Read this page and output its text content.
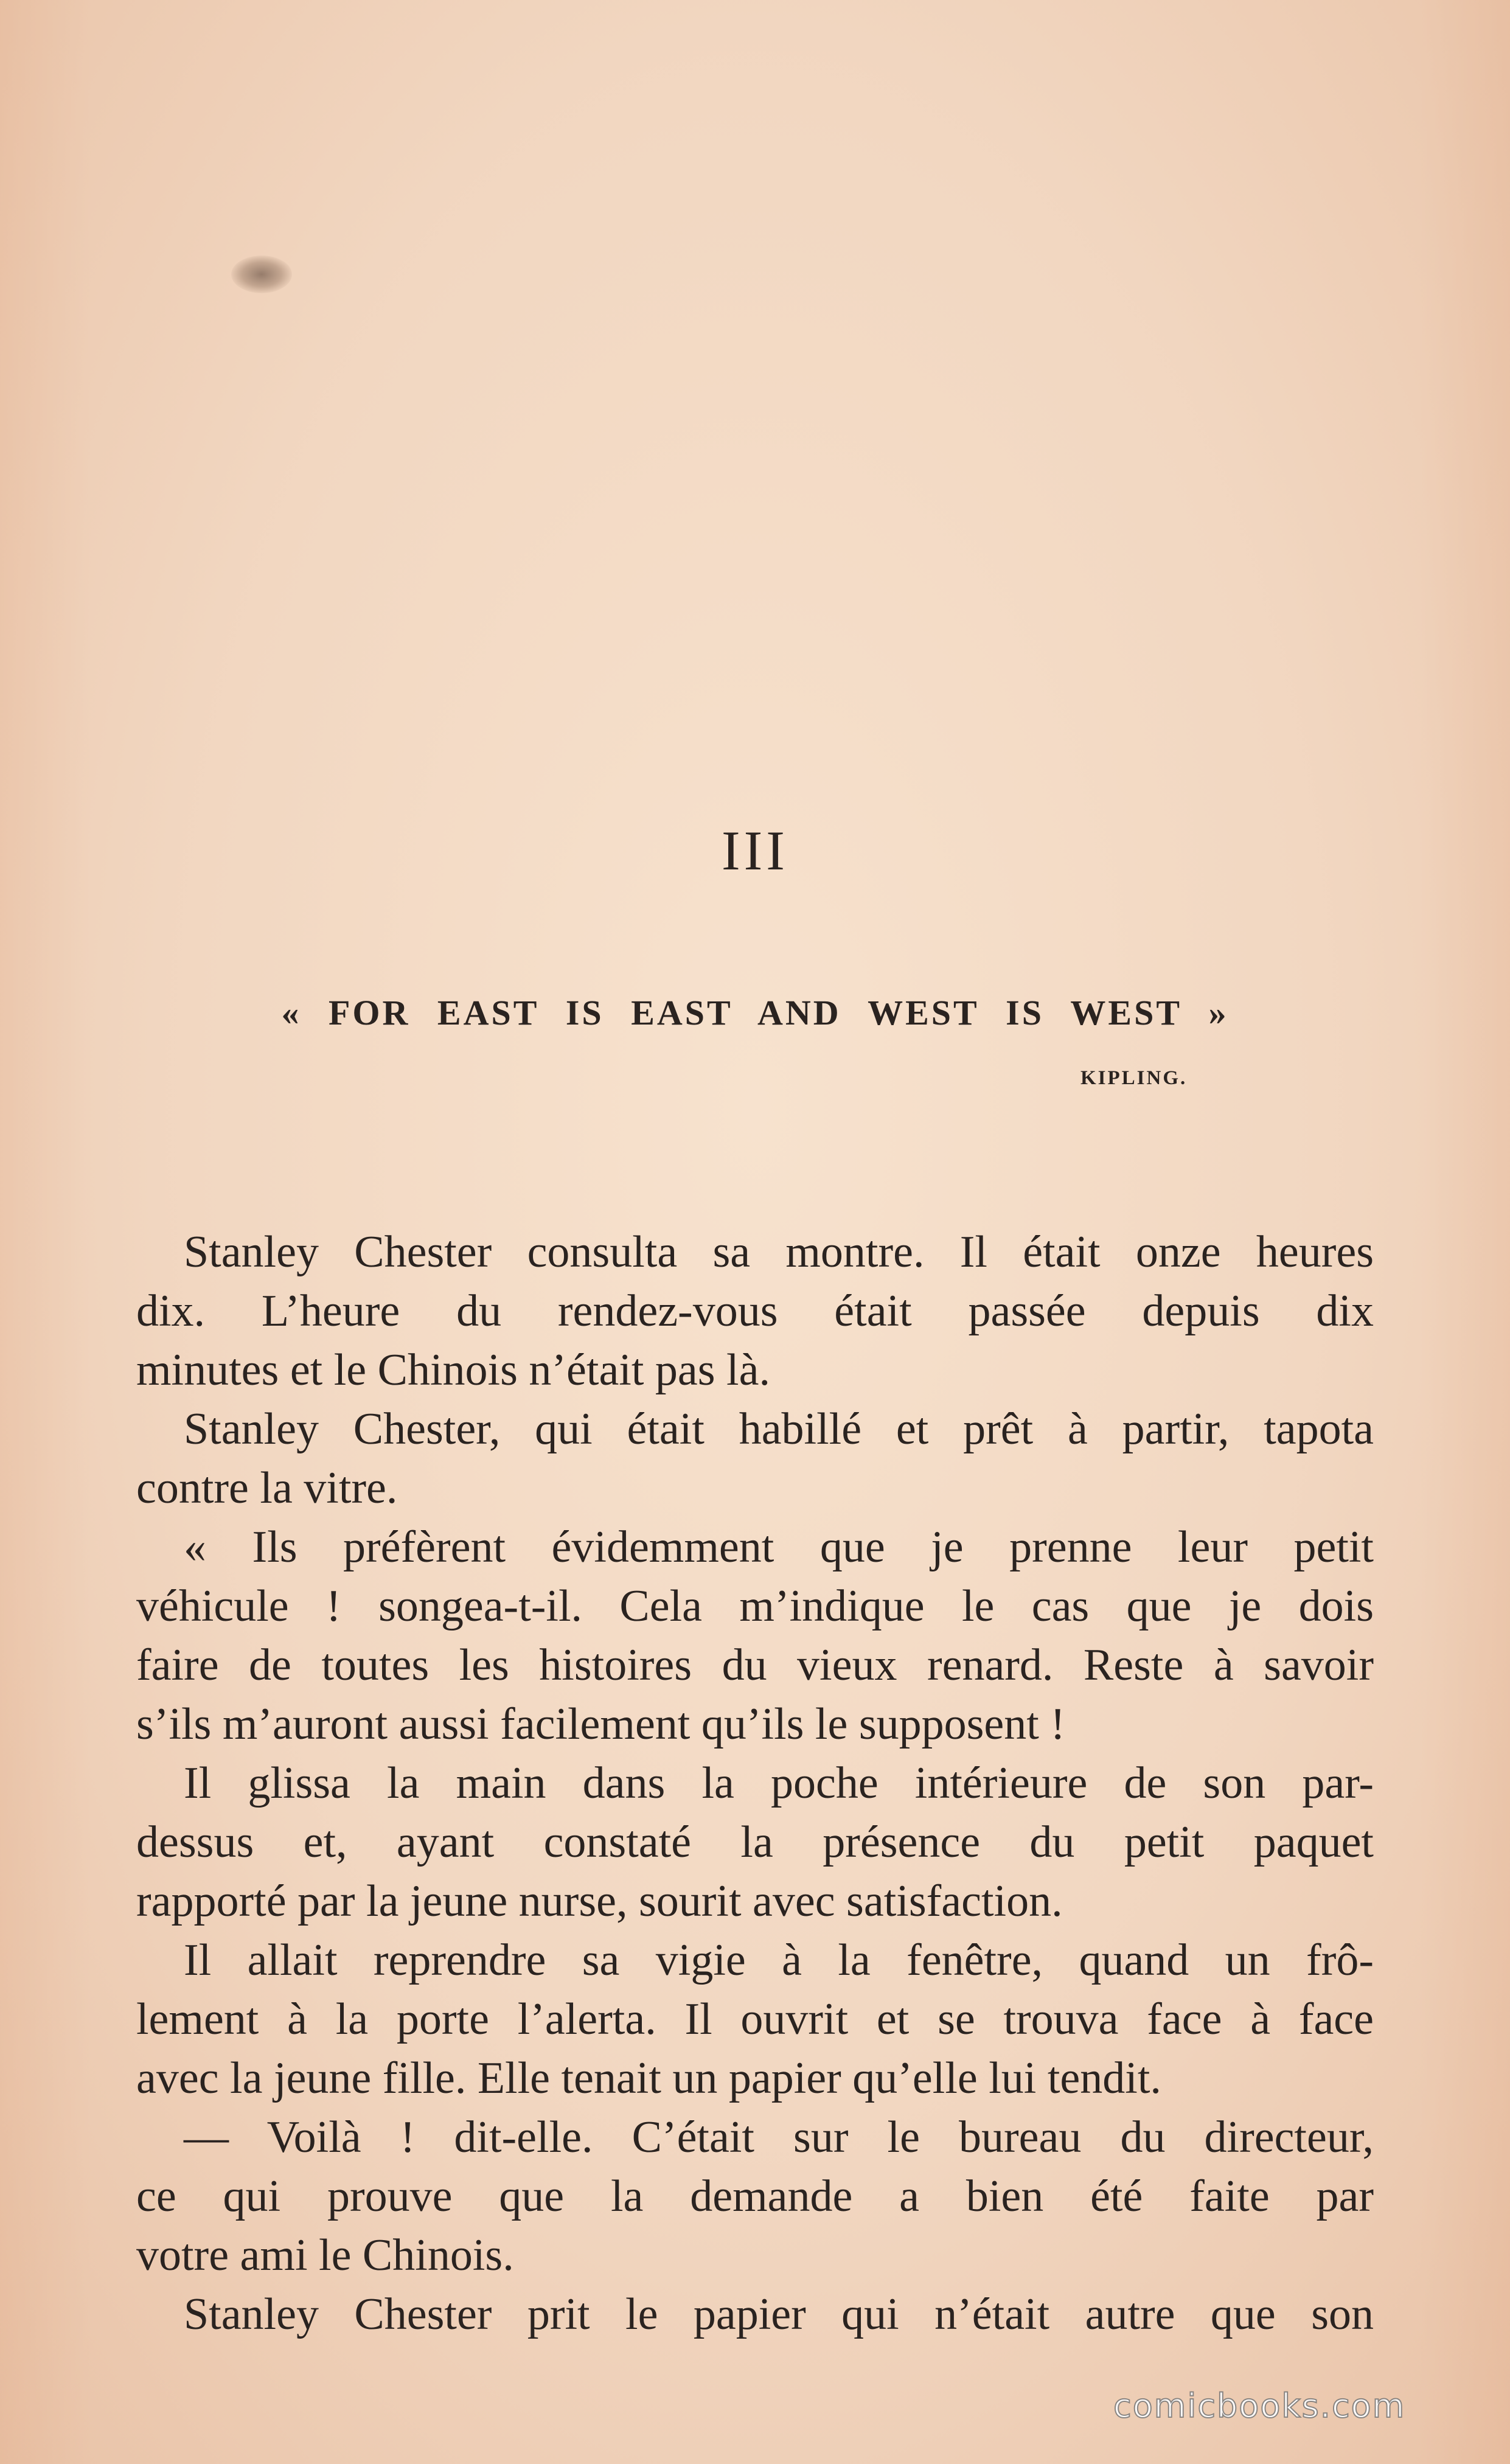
III
« FOR EAST IS EAST AND WEST IS WEST »
KIPLING.
Stanley Chester consulta sa montre. Il était onze heures
dix. L’heure du rendez-vous était passée depuis dix
minutes et le Chinois n’était pas là.
Stanley Chester, qui était habillé et prêt à partir, tapota
contre la vitre.
« Ils préfèrent évidemment que je prenne leur petit
véhicule ! songea-t-il. Cela m’indique le cas que je dois
faire de toutes les histoires du vieux renard. Reste à savoir
s’ils m’auront aussi facilement qu’ils le supposent !
Il glissa la main dans la poche intérieure de son par-
dessus et, ayant constaté la présence du petit paquet
rapporté par la jeune nurse, sourit avec satisfaction.
Il allait reprendre sa vigie à la fenêtre, quand un frô-
lement à la porte l’alerta. Il ouvrit et se trouva face à face
avec la jeune fille. Elle tenait un papier qu’elle lui tendit.
— Voilà ! dit-elle. C’était sur le bureau du directeur,
ce qui prouve que la demande a bien été faite par
votre ami le Chinois.
Stanley Chester prit le papier qui n’était autre que son
comicbooks.com
